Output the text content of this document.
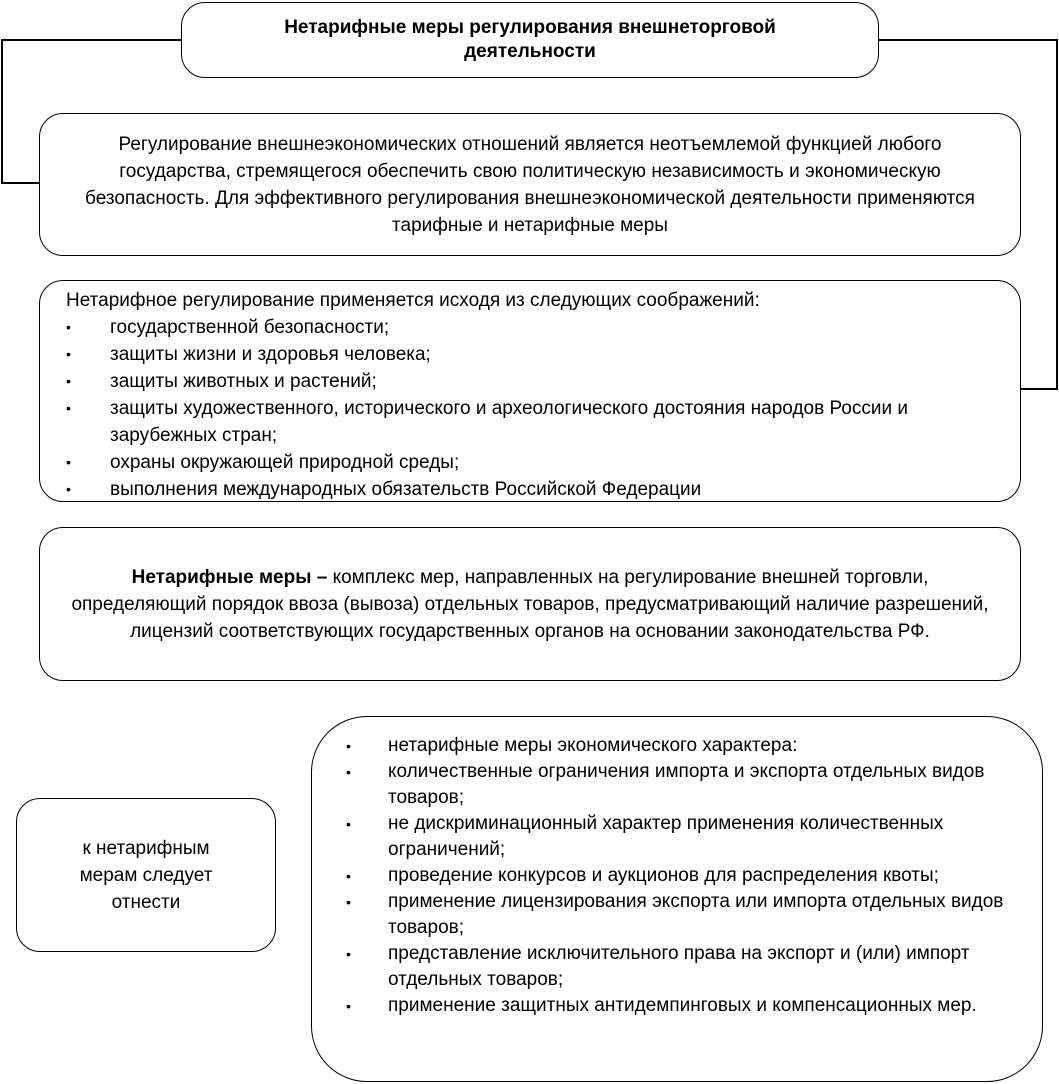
Нетарифные меры регулирования внешнеторговой деятельности
Регулирование внешнеэкономических отношений является неотъемлемой функцией любого государства, стремящегося обеспечить свою политическую независимость и экономическую безопасность. Для эффективного регулирования внешнеэкономической деятельности применяются тарифные и нетарифные меры

Нетарифное регулирование применяется исходя из следующих соображений:

• государственной безопасности;
• защиты жизни и здоровья человека;
• защиты животных и растений;
• защиты художественного, исторического и археологического достояния народов России и зарубежных стран;
• охраны окружающей природной среды;
• выполнения международных обязательств Российской Федерации
Нетарифные меры – комплекс мер, направленных на регулирование внешней торговли, определяющий порядок ввоза (вывоза) отдельных товаров, предусматривающий наличие разрешений, лицензий соответствующих государственных органов на основании законодательства РФ.
к нетарифным мерам следует отнести
• нетарифные меры экономического характера:
• количественные ограничения импорта и экспорта отдельных видов товаров;
• не дискриминационный характер применения количественных ограничений;
• проведение конкурсов и аукционов для распределения квоты;
• применение лицензирования экспорта или импорта отдельных видов товаров;
• представление исключительного права на экспорт и (или) импорт отдельных товаров;
• применение защитных антидемпинговых и компенсационных мер.
